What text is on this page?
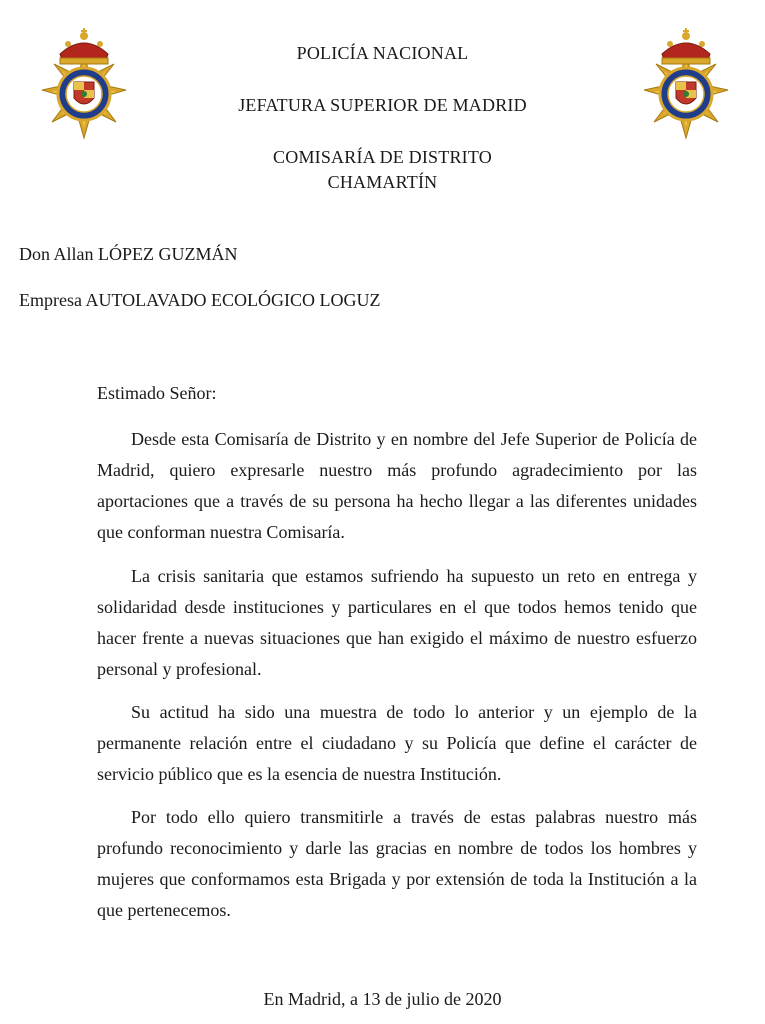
POLICÍA NACIONAL
JEFATURA SUPERIOR DE MADRID
COMISARÍA DE DISTRITO
CHAMARTÍN
Don Allan LÓPEZ GUZMÁN
Empresa AUTOLAVADO ECOLÓGICO LOGUZ
Estimado Señor:
Desde esta Comisaría de Distrito y en nombre del Jefe Superior de Policía de Madrid, quiero expresarle nuestro más profundo agradecimiento por las aportaciones que a través de su persona ha hecho llegar a las diferentes unidades que conforman nuestra Comisaría.
La crisis sanitaria que estamos sufriendo ha supuesto un reto en entrega y solidaridad desde instituciones y particulares en el que todos hemos tenido que hacer frente a nuevas situaciones que han exigido el máximo de nuestro esfuerzo personal y profesional.
Su actitud ha sido una muestra de todo lo anterior y un ejemplo de la permanente relación entre el ciudadano y su Policía que define el carácter de servicio público que es la esencia de nuestra Institución.
Por todo ello quiero transmitirle a través de estas palabras nuestro más profundo reconocimiento y darle las gracias en nombre de todos los hombres y mujeres que conformamos esta Brigada y por extensión de toda la Institución a la que pertenecemos.
En Madrid, a 13 de julio de 2020
